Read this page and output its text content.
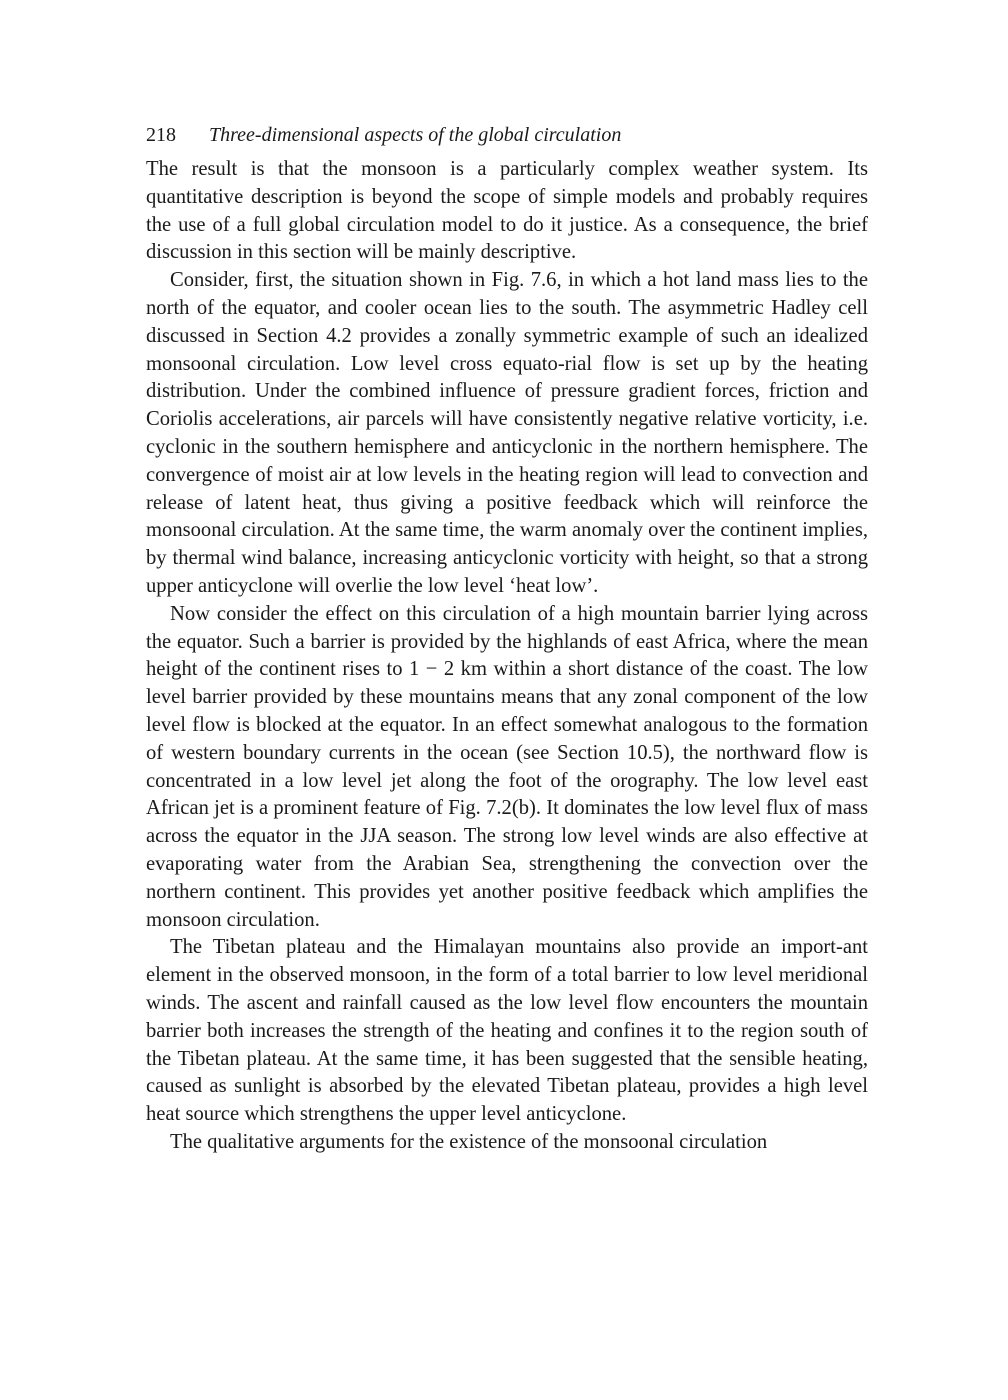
218 Three-dimensional aspects of the global circulation

The result is that the monsoon is a particularly complex weather system. Its quantitative description is beyond the scope of simple models and probably requires the use of a full global circulation model to do it justice. As a consequence, the brief discussion in this section will be mainly descriptive.

Consider, first, the situation shown in Fig. 7.6, in which a hot land mass lies to the north of the equator, and cooler ocean lies to the south. The asymmetric Hadley cell discussed in Section 4.2 provides a zonally symmetric example of such an idealized monsoonal circulation. Low level cross equato-rial flow is set up by the heating distribution. Under the combined influence of pressure gradient forces, friction and Coriolis accelerations, air parcels will have consistently negative relative vorticity, i.e. cyclonic in the southern hemisphere and anticyclonic in the northern hemisphere. The convergence of moist air at low levels in the heating region will lead to convection and release of latent heat, thus giving a positive feedback which will reinforce the monsoonal circulation. At the same time, the warm anomaly over the continent implies, by thermal wind balance, increasing anticyclonic vorticity with height, so that a strong upper anticyclone will overlie the low level ‘heat low’.

Now consider the effect on this circulation of a high mountain barrier lying across the equator. Such a barrier is provided by the highlands of east Africa, where the mean height of the continent rises to 1 − 2 km within a short distance of the coast. The low level barrier provided by these mountains means that any zonal component of the low level flow is blocked at the equator. In an effect somewhat analogous to the formation of western boundary currents in the ocean (see Section 10.5), the northward flow is concentrated in a low level jet along the foot of the orography. The low level east African jet is a prominent feature of Fig. 7.2(b). It dominates the low level flux of mass across the equator in the JJA season. The strong low level winds are also effective at evaporating water from the Arabian Sea, strengthening the convection over the northern continent. This provides yet another positive feedback which amplifies the monsoon circulation.

The Tibetan plateau and the Himalayan mountains also provide an import-ant element in the observed monsoon, in the form of a total barrier to low level meridional winds. The ascent and rainfall caused as the low level flow encounters the mountain barrier both increases the strength of the heating and confines it to the region south of the Tibetan plateau. At the same time, it has been suggested that the sensible heating, caused as sunlight is absorbed by the elevated Tibetan plateau, provides a high level heat source which strengthens the upper level anticyclone.

The qualitative arguments for the existence of the monsoonal circulation
